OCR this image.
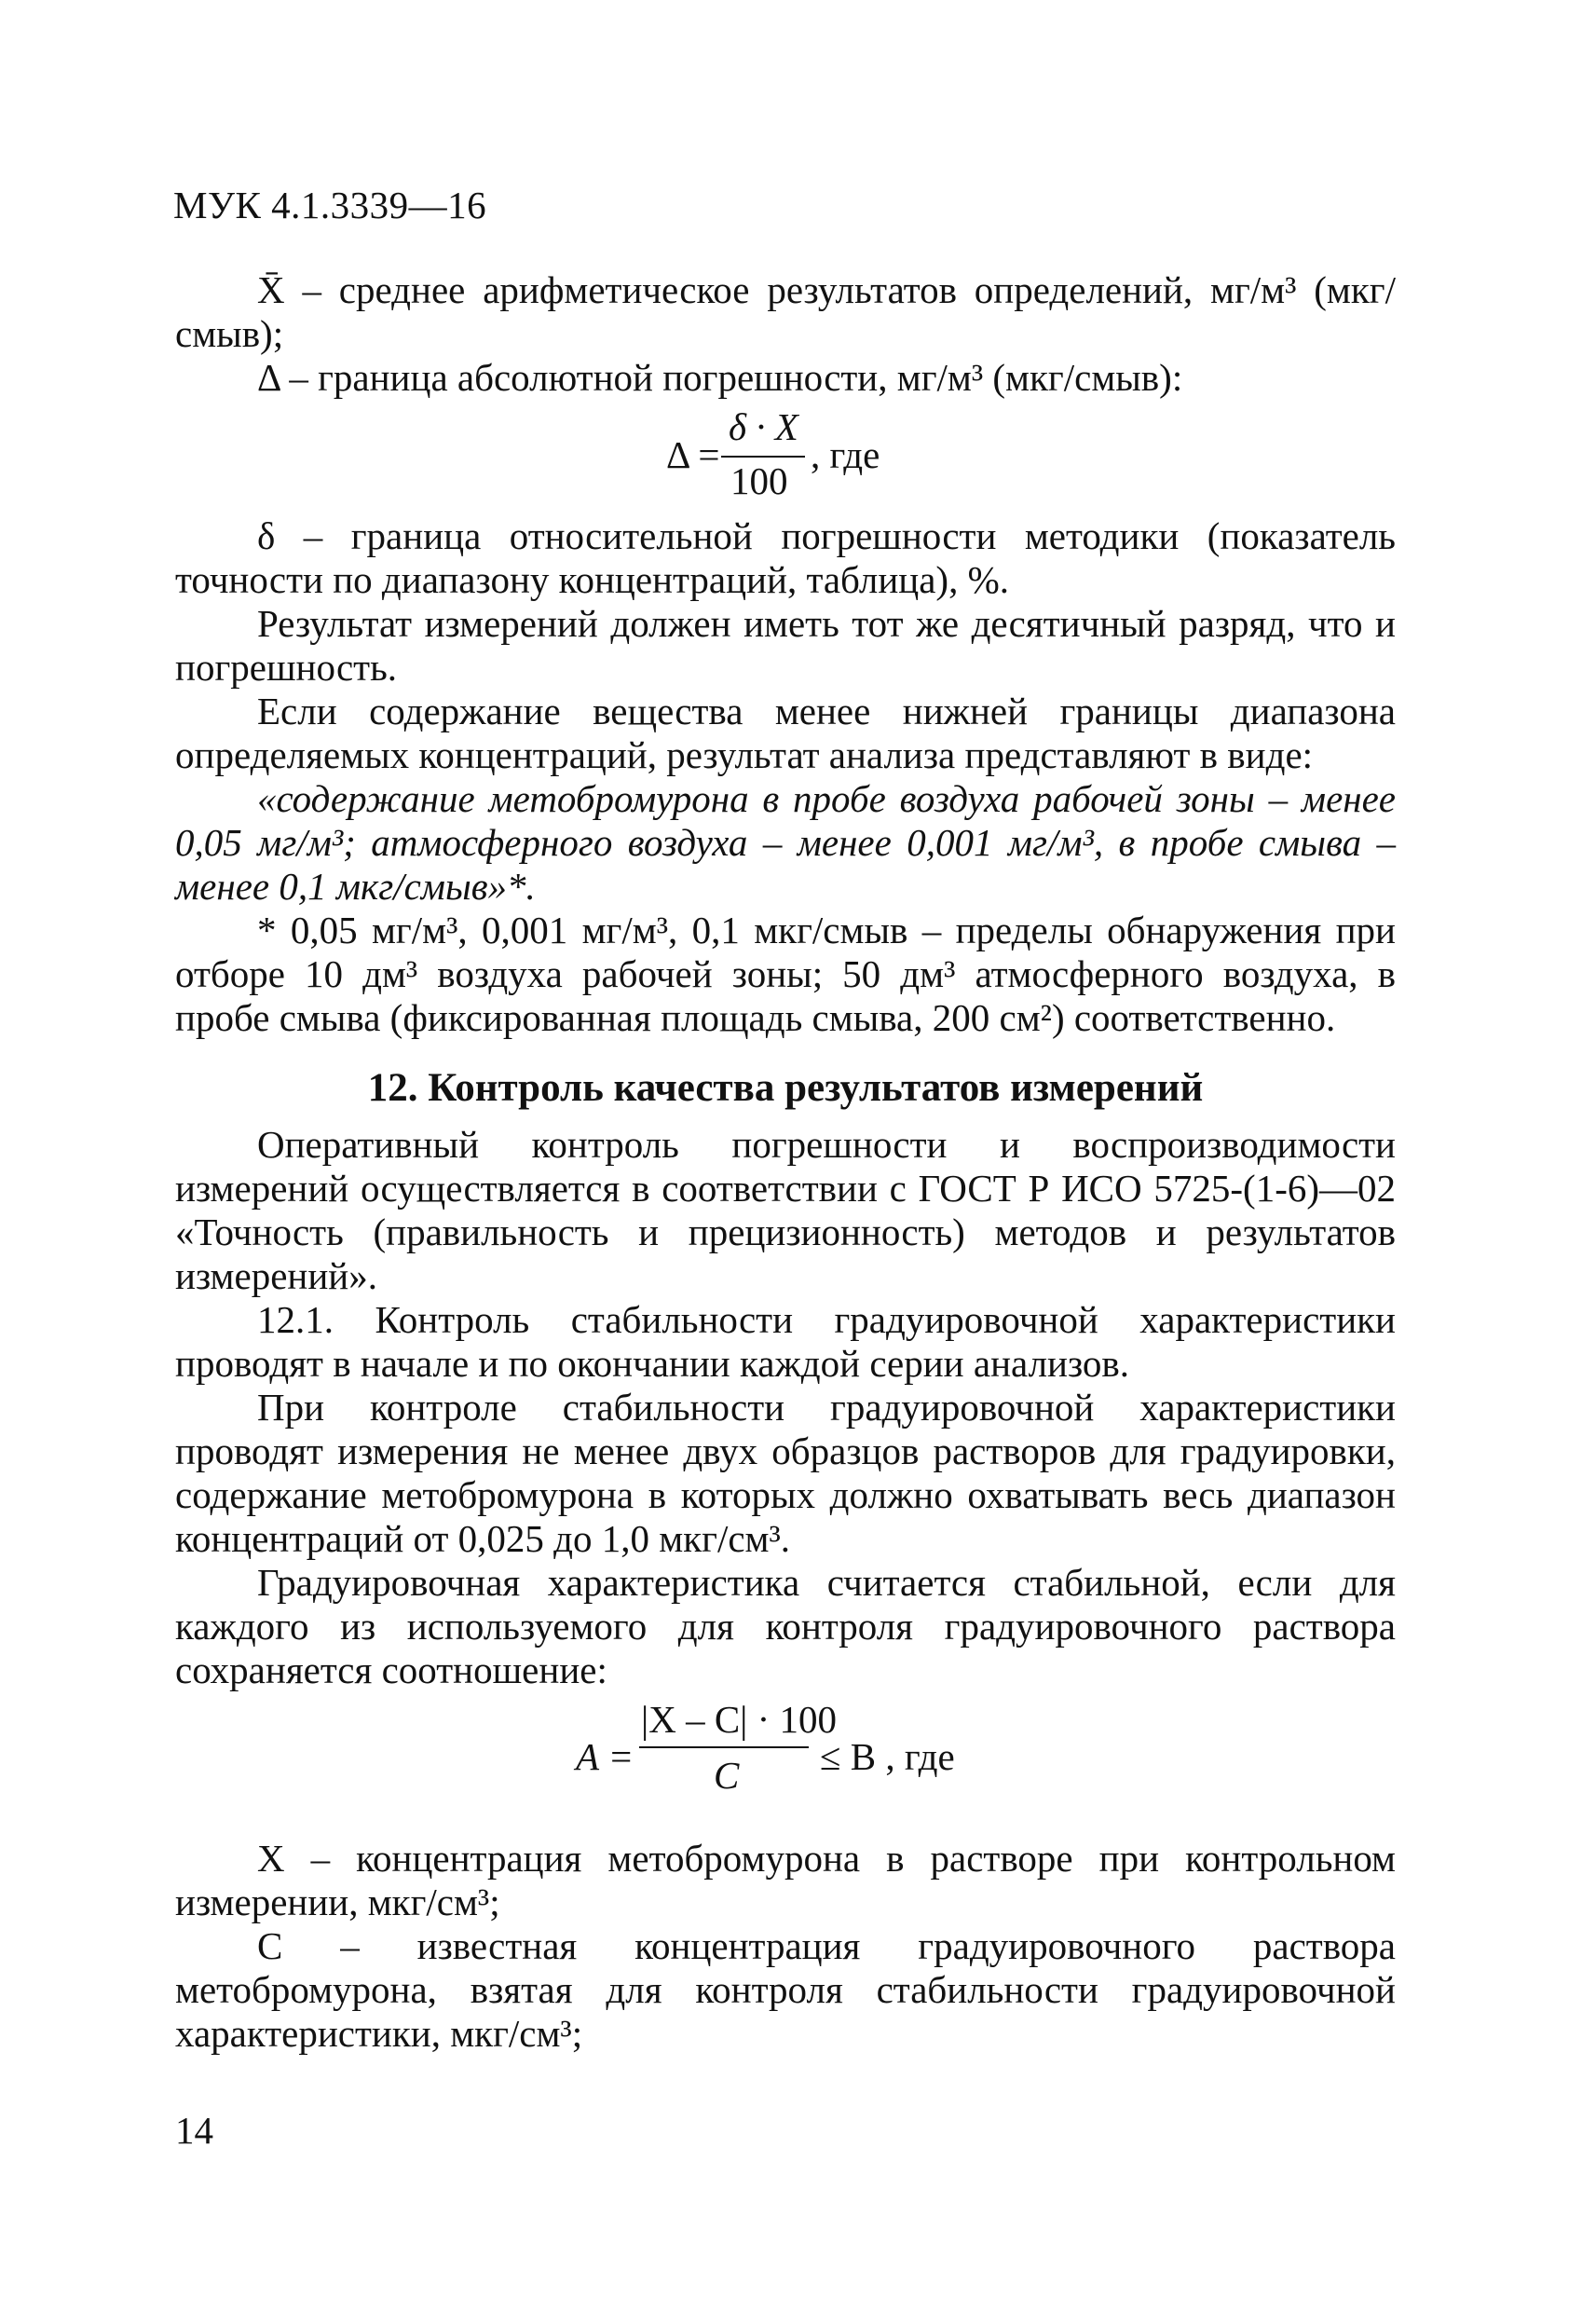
МУК 4.1.3339—16

X̄ – среднее арифметическое результатов определений, мг/м³ (мкг/смыв);

Δ – граница абсолютной погрешности, мг/м³ (мкг/смыв):

Δ =
δ · X
100
, где

δ – граница относительной погрешности методики (показатель точности по диапазону концентраций, таблица), %.

Результат измерений должен иметь тот же десятичный разряд, что и погрешность.

Если содержание вещества менее нижней границы диапазона определяемых концентраций, результат анализа представляют в виде:

«содержание метобромурона в пробе воздуха рабочей зоны – менее 0,05 мг/м³; атмосферного воздуха – менее 0,001 мг/м³, в пробе смыва – менее 0,1 мкг/смыв»*.

* 0,05 мг/м³, 0,001 мг/м³, 0,1 мкг/смыв – пределы обнаружения при отборе 10 дм³ воздуха рабочей зоны; 50 дм³ атмосферного воздуха, в пробе смыва (фиксированная площадь смыва, 200 см²) соответственно.

12. Контроль качества результатов измерений

Оперативный контроль погрешности и воспроизводимости измерений осуществляется в соответствии с ГОСТ Р ИСО 5725-(1-6)—02 «Точность (правильность и прецизионность) методов и результатов измерений».

12.1. Контроль стабильности градуировочной характеристики проводят в начале и по окончании каждой серии анализов.

При контроле стабильности градуировочной характеристики проводят измерения не менее двух образцов растворов для градуировки, содержание метобромурона в которых должно охватывать весь диапазон концентраций от 0,025 до 1,0 мкг/см³.

Градуировочная характеристика считается стабильной, если для каждого из используемого для контроля градуировочного раствора сохраняется соотношение:

A =
|X – C| · 100
C ≤ B , где

X – концентрация метобромурона в растворе при контрольном измерении, мкг/см³;

C – известная концентрация градуировочного раствора метобромурона, взятая для контроля стабильности градуировочной характеристики, мкг/см³;

14
